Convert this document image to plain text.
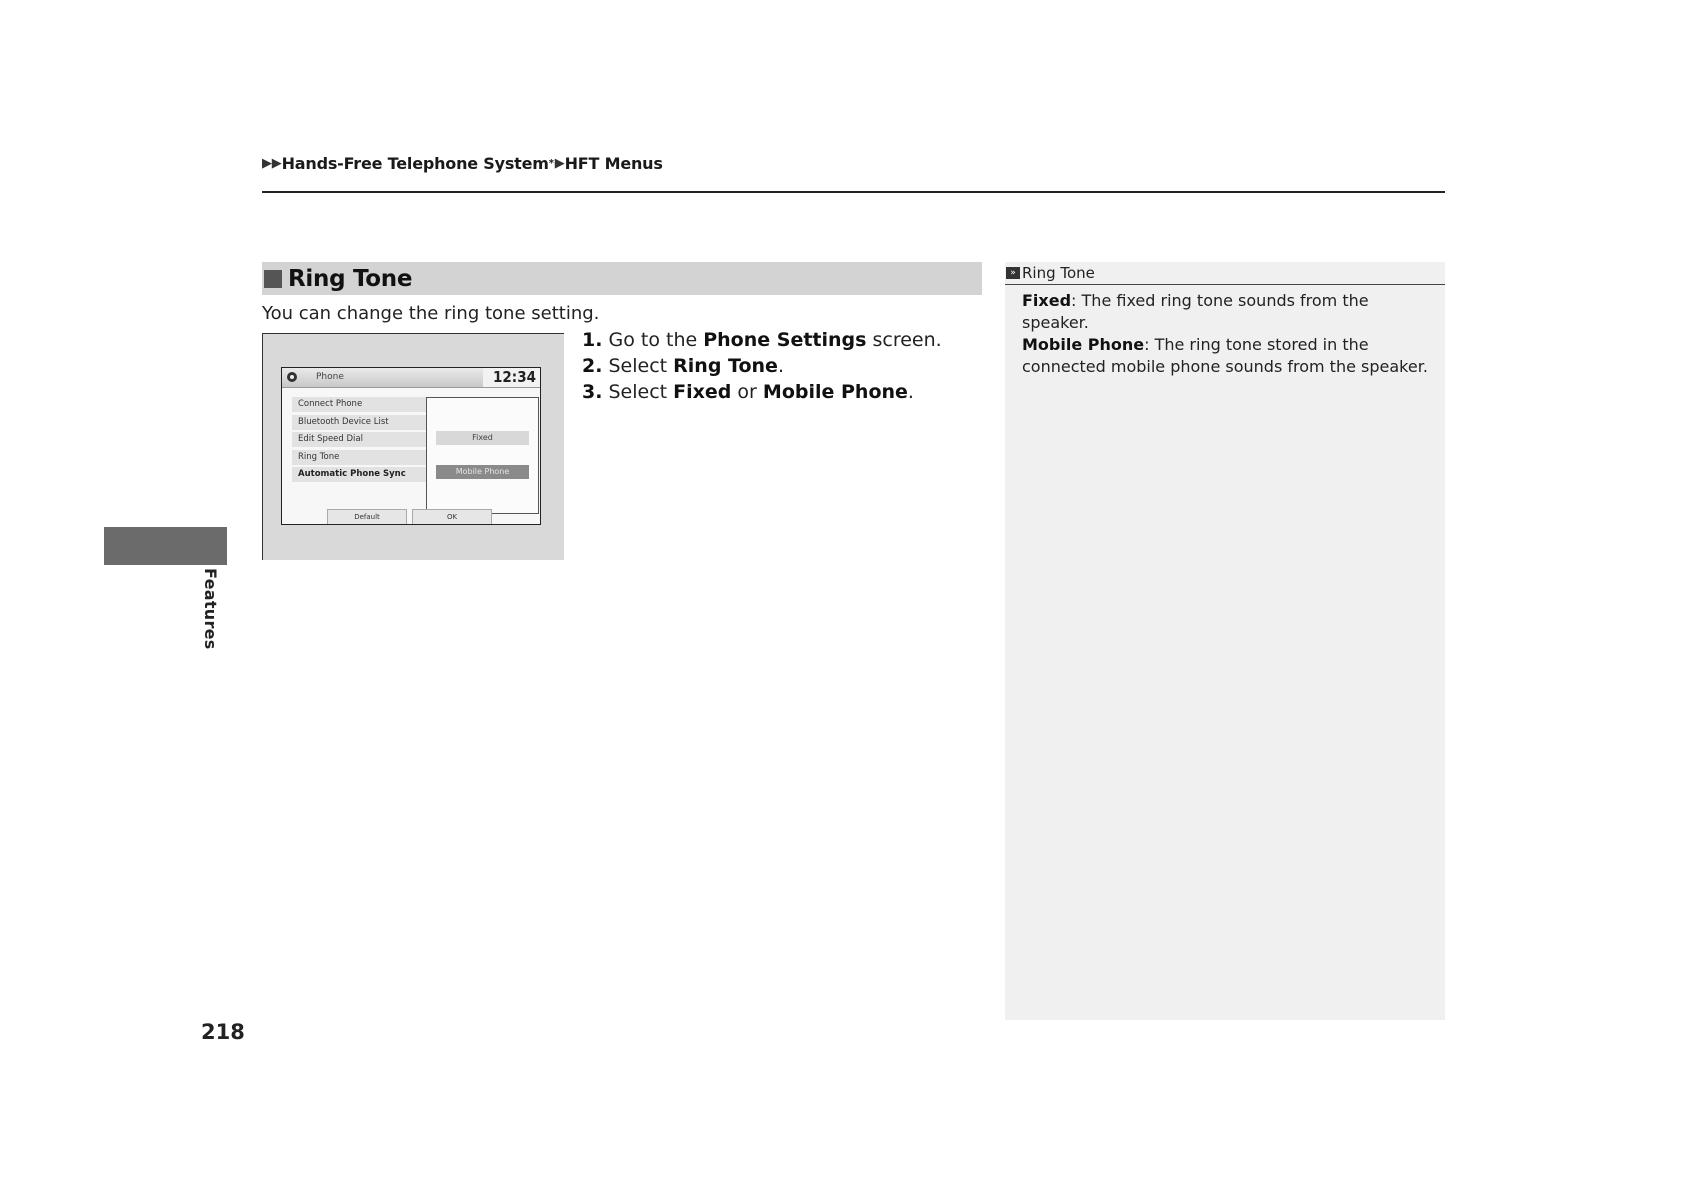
▶▶ Hands-Free Telephone System * ▶ HFT Menus
Ring Tone
You can change the ring tone setting.
Phone	12:34
Connect Phone
Bluetooth Device List
Edit Speed Dial
Ring Tone
Automatic Phone Sync
Fixed
Mobile Phone
Default	OK
1. Go to the Phone Settings screen.
2. Select Ring Tone.
3. Select Fixed or Mobile Phone.
Features
» Ring Tone
Fixed: The fixed ring tone sounds from the speaker.
Mobile Phone: The ring tone stored in the connected mobile phone sounds from the speaker.
218
